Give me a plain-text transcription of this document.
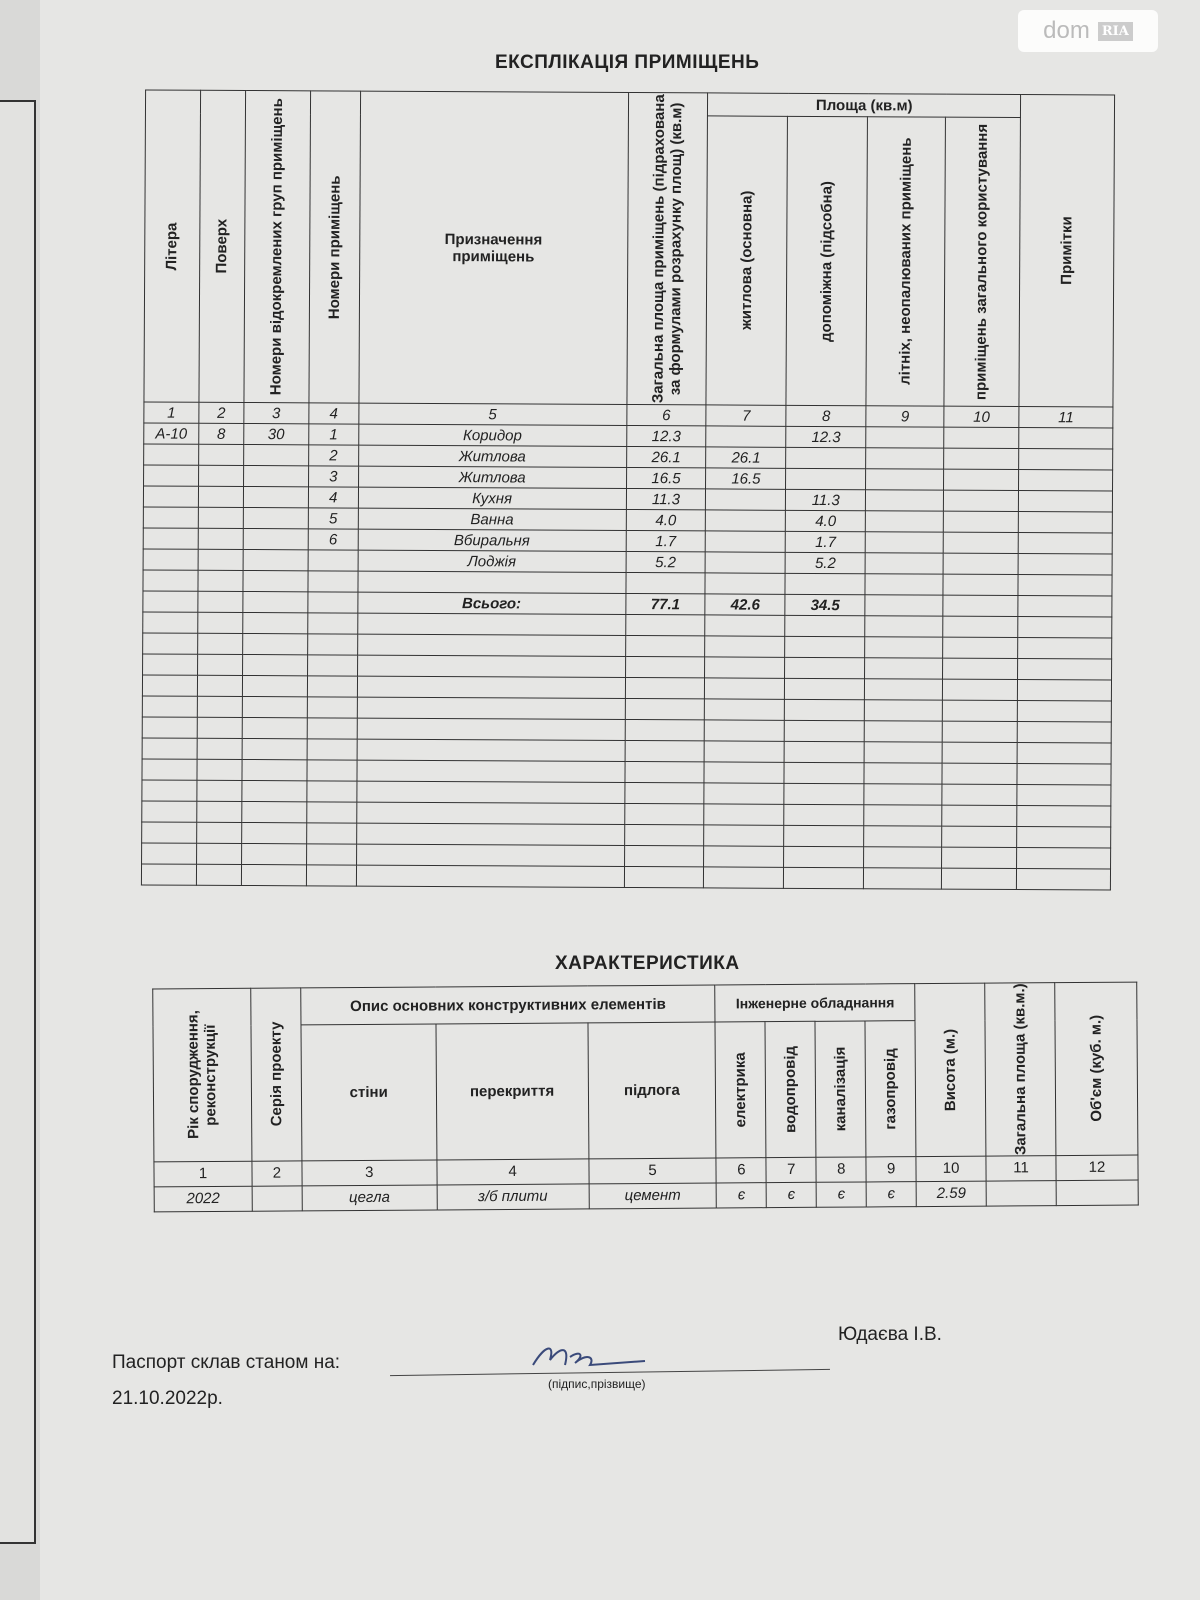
dom RIA
ЕКСПЛІКАЦІЯ ПРИМІЩЕНЬ
Літера	Поверх	Номери відокремлених груп приміщень	Номери приміщень	Призначення приміщень	Загальна площа приміщень (підрахована за формулами розрахунку площ) (кв.м)	Площа (кв.м)				Примітки

						житлова (основна)	допоміжна (підсобна)	літніх, неопалюваних приміщень	приміщень загального користування	

1	2	3	4	5	6	7	8	9	10	11

А-10	8	30	1	Коридор	12.3		12.3			

			2	Житлова	26.1	26.1				

			3	Житлова	16.5	16.5				

			4	Кухня	11.3		11.3			

			5	Ванна	4.0		4.0			

			6	Вбиральня	1.7		1.7			

				Лоджія	5.2		5.2			

				Всього:	77.1	42.6	34.5			

ХАРАКТЕРИСТИКА
Рік спорудження, реконструкції	Серія проекту	Опис основних конструктивних елементів			Інженерне обладнання				Висота (м.)	Загальна площа (кв.м.)	Об'єм (куб. м.)

		стіни	перекриття	підлога	електрика	водопровід	каналізація	газопровід			

1	2	3	4	5	6	7	8	9	10	11	12

2022		цегла	з/б плити	цемент	є	є	є	є	2.59		

Паспорт склав станом на:
21.10.2022р.
Юдаєва І.В.
(підпис,прізвище)
